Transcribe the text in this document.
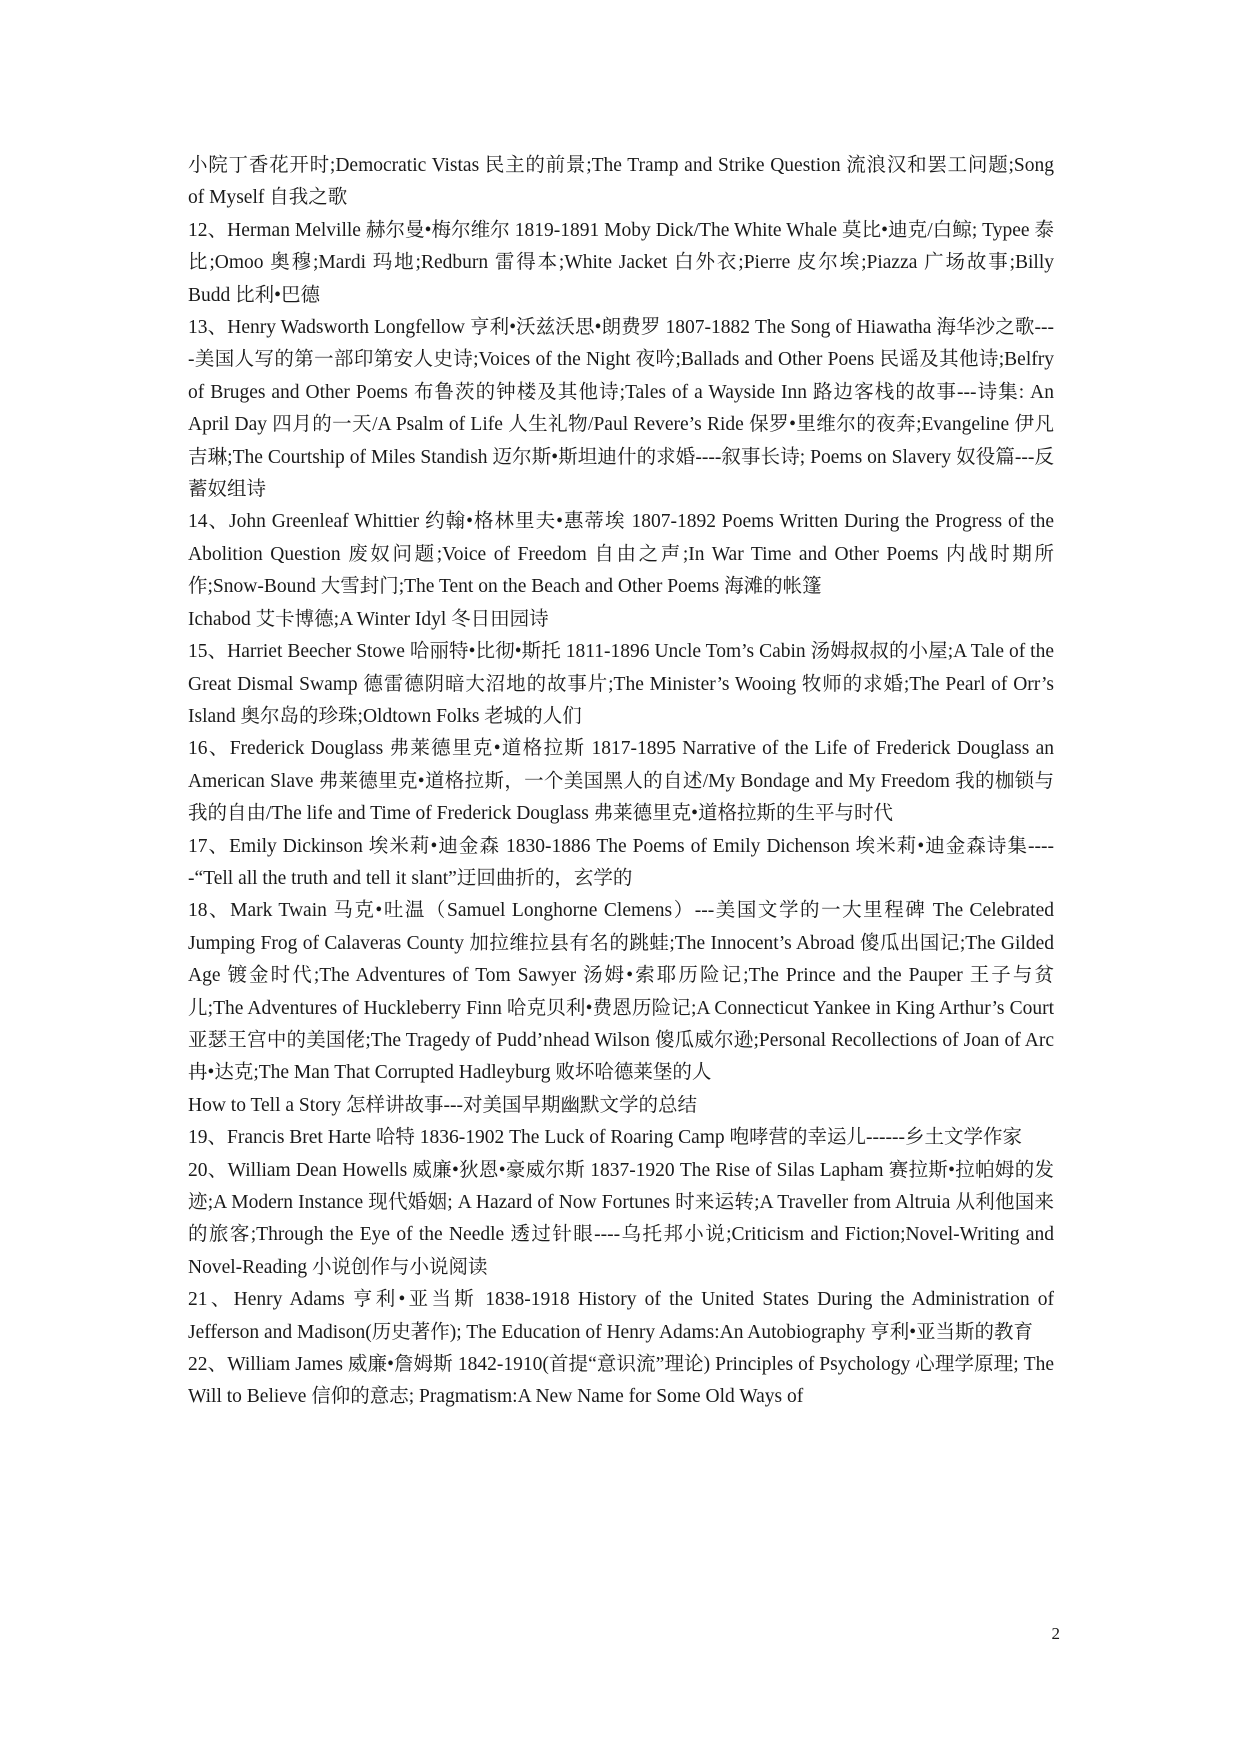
小院丁香花开时;Democratic Vistas 民主的前景;The Tramp and Strike Question 流浪汉和罢工问题;Song of Myself 自我之歌

12、Herman Melville 赫尔曼•梅尔维尔 1819-1891 Moby Dick/The White Whale 莫比•迪克/白鲸; Typee 泰比;Omoo 奥穆;Mardi 玛地;Redburn 雷得本;White Jacket 白外衣;Pierre 皮尔埃;Piazza 广场故事;Billy Budd 比利•巴德

13、Henry Wadsworth Longfellow 亨利•沃兹沃思•朗费罗 1807-1882 The Song of Hiawatha 海华沙之歌----美国人写的第一部印第安人史诗;Voices of the Night 夜吟;Ballads and Other Poens 民谣及其他诗;Belfry of Bruges and Other Poems 布鲁茨的钟楼及其他诗;Tales of a Wayside Inn 路边客栈的故事---诗集: An April Day 四月的一天/A Psalm of Life 人生礼物/Paul Revere’s Ride 保罗•里维尔的夜奔;Evangeline 伊凡吉琳;The Courtship of Miles Standish 迈尔斯•斯坦迪什的求婚----叙事长诗; Poems on Slavery 奴役篇---反蓄奴组诗

14、John Greenleaf Whittier 约翰•格林里夫•惠蒂埃 1807-1892 Poems Written During the Progress of the Abolition Question 废奴问题;Voice of Freedom 自由之声;In War Time and Other Poems 内战时期所作;Snow-Bound 大雪封门;The Tent on the Beach and Other Poems 海滩的帐篷

Ichabod 艾卡博德;A Winter Idyl 冬日田园诗

15、Harriet Beecher Stowe 哈丽特•比彻•斯托 1811-1896 Uncle Tom’s Cabin 汤姆叔叔的小屋;A Tale of the Great Dismal Swamp 德雷德阴暗大沼地的故事片;The Minister’s Wooing 牧师的求婚;The Pearl of Orr’s Island 奥尔岛的珍珠;Oldtown Folks 老城的人们

16、Frederick Douglass 弗莱德里克•道格拉斯 1817-1895 Narrative of the Life of Frederick Douglass an American Slave 弗莱德里克•道格拉斯，一个美国黑人的自述/My Bondage and My Freedom 我的枷锁与我的自由/The life and Time of Frederick Douglass 弗莱德里克•道格拉斯的生平与时代

17、Emily Dickinson 埃米莉•迪金森 1830-1886 The Poems of Emily Dichenson 埃米莉•迪金森诗集-----“Tell all the truth and tell it slant”迂回曲折的，玄学的

18、Mark Twain 马克•吐温（Samuel Longhorne Clemens）---美国文学的一大里程碑 The Celebrated Jumping Frog of Calaveras County 加拉维拉县有名的跳蛙;The Innocent’s Abroad 傻瓜出国记;The Gilded Age 镀金时代;The Adventures of Tom Sawyer 汤姆•索耶历险记;The Prince and the Pauper 王子与贫儿;The Adventures of Huckleberry Finn 哈克贝利•费恩历险记;A Connecticut Yankee in King Arthur’s Court 亚瑟王宫中的美国佬;The Tragedy of Pudd’nhead Wilson 傻瓜威尔逊;Personal Recollections of Joan of Arc 冉•达克;The Man That Corrupted Hadleyburg 败坏哈德莱堡的人

How to Tell a Story 怎样讲故事---对美国早期幽默文学的总结

19、Francis Bret Harte 哈特 1836-1902 The Luck of Roaring Camp 咆哮营的幸运儿------乡土文学作家

20、William Dean Howells 威廉•狄恩•豪威尔斯 1837-1920 The Rise of Silas Lapham 赛拉斯•拉帕姆的发迹;A Modern Instance 现代婚姻; A Hazard of Now Fortunes 时来运转;A Traveller from Altruia 从利他国来的旅客;Through the Eye of the Needle 透过针眼----乌托邦小说;Criticism and Fiction;Novel-Writing and Novel-Reading 小说创作与小说阅读

21、Henry Adams 亨利•亚当斯 1838-1918 History of the United States During the Administration of Jefferson and Madison(历史著作); The Education of Henry Adams:An Autobiography 亨利•亚当斯的教育

22、William James 威廉•詹姆斯 1842-1910(首提“意识流”理论) Principles of Psychology 心理学原理; The Will to Believe 信仰的意志; Pragmatism:A New Name for Some Old Ways of

2
